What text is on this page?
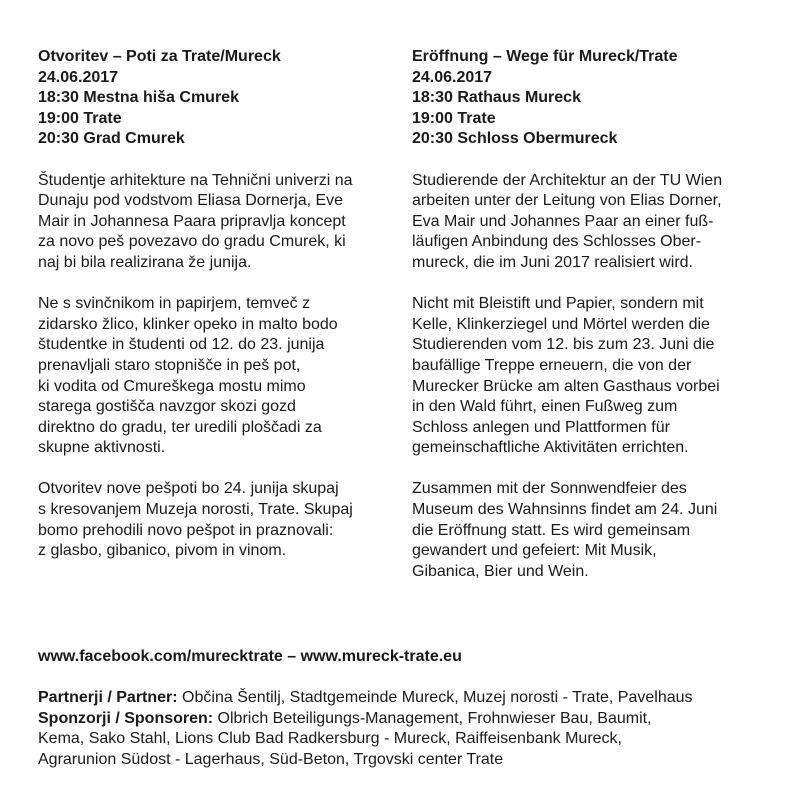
Otvoritev – Poti za Trate/Mureck
24.06.2017
18:30 Mestna hiša Cmurek
19:00 Trate
20:30 Grad Cmurek
Študentje arhitekture na Tehnični univerzi na
Dunaju pod vodstvom Eliasa Dornerja, Eve
Mair in Johannesa Paara pripravlja koncept
za novo peš povezavo do gradu Cmurek, ki
naj bi bila realizirana že junija.
Ne s svinčnikom in papirjem, temveč z
zidarsko žlico, klinker opeko in malto bodo
študentke in študenti od 12. do 23. junija
prenavljali staro stopnišče in peš pot,
ki vodita od Cmureškega mostu mimo
starega gostišča navzgor skozi gozd
direktno do gradu, ter uredili ploščadi za
skupne aktivnosti.
Otvoritev nove pešpoti bo 24. junija skupaj
s kresovanjem Muzeja norosti, Trate. Skupaj
bomo prehodili novo pešpot in praznovali:
z glasbo, gibanico, pivom in vinom.
Eröffnung – Wege für Mureck/Trate
24.06.2017
18:30 Rathaus Mureck
19:00 Trate
20:30 Schloss Obermureck
Studierende der Architektur an der TU Wien
arbeiten unter der Leitung von Elias Dorner,
Eva Mair und Johannes Paar an einer fuß-
läufigen Anbindung des Schlosses Ober-
mureck, die im Juni 2017 realisiert wird.
Nicht mit Bleistift und Papier, sondern mit
Kelle, Klinkerziegel und Mörtel werden die
Studierenden vom 12. bis zum 23. Juni die
baufällige Treppe erneuern, die von der
Murecker Brücke am alten Gasthaus vorbei
in den Wald führt, einen Fußweg zum
Schloss anlegen und Plattformen für
gemeinschaftliche Aktivitäten errichten.
Zusammen mit der Sonnwendfeier des
Museum des Wahnsinns findet am 24. Juni
die Eröffnung statt. Es wird gemeinsam
gewandert und gefeiert: Mit Musik,
Gibanica, Bier und Wein.
www.facebook.com/murecktrate – www.mureck-trate.eu
Partnerji / Partner: Občina Šentilj, Stadtgemeinde Mureck, Muzej norosti - Trate, Pavelhaus
Sponzorji / Sponsoren: Olbrich Beteiligungs-Management, Frohnwieser Bau, Baumit,
Kema, Sako Stahl, Lions Club Bad Radkersburg - Mureck, Raiffeisenbank Mureck,
Agrarunion Südost - Lagerhaus, Süd-Beton, Trgovski center Trate
